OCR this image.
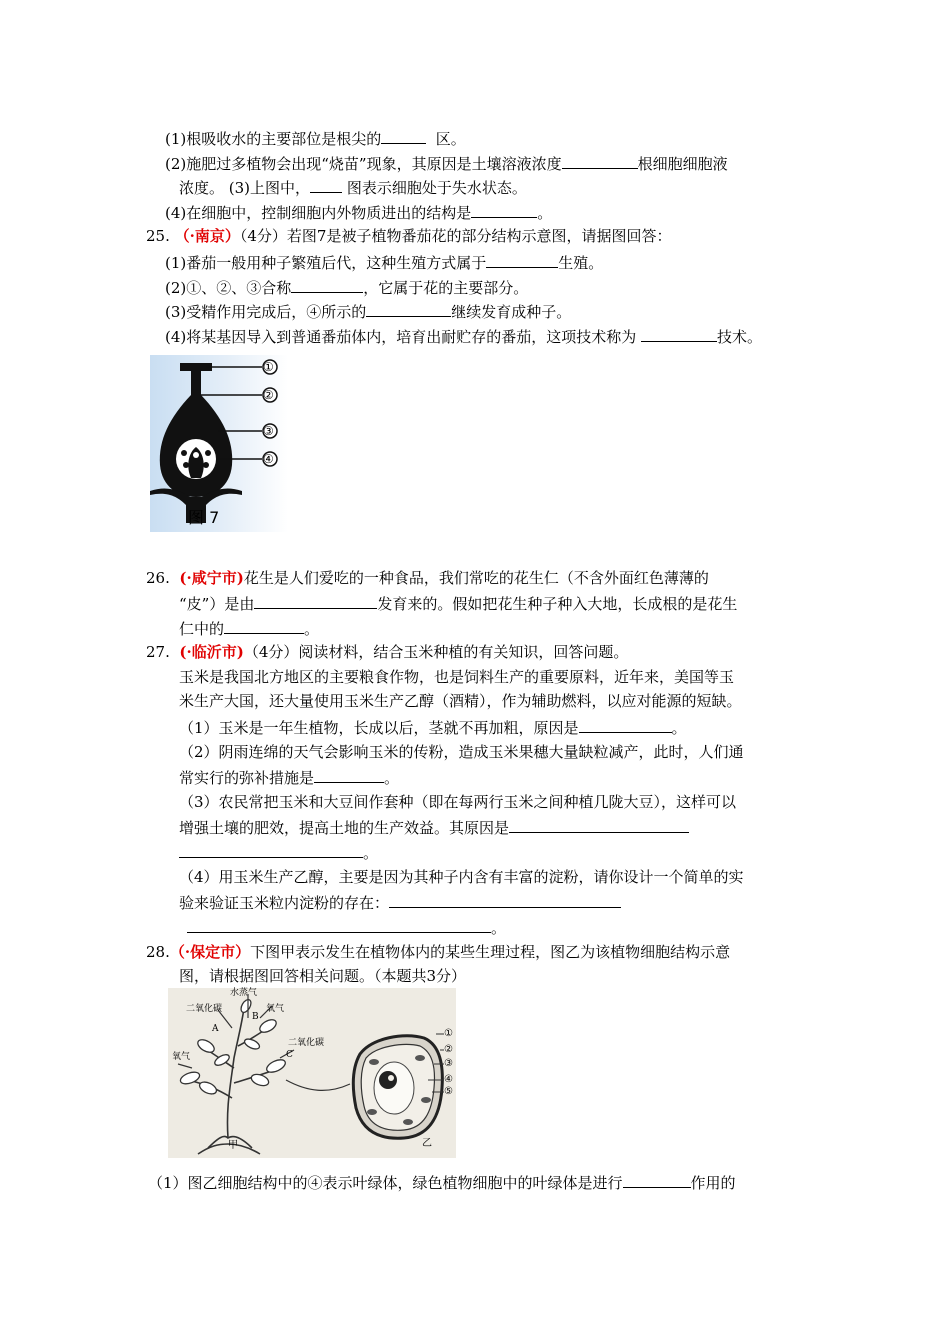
(1)根吸收水的主要部位是根尖的	区。
(2)施肥过多植物会出现“烧苗”现象，其原因是土壤溶液浓度	根细胞细胞液
浓度。 (3)上图中， 图表示细胞处于失水状态。
(4)在细胞中，控制细胞内外物质进出的结构是	。
25. （·南京）（4分）若图7是被子植物番茄花的部分结构示意图，请据图回答：
(1)番茄一般用种子繁殖后代，这种生殖方式属于	生殖。
(2)①、②、③合称	，它属于花的主要部分。
(3)受精作用完成后，④所示的	继续发育成种子。
(4)将某基因导入到普通番茄体内，培育出耐贮存的番茄，这项技术称为	技术。
①
②
③
④
图 7
26. (·咸宁市)花生是人们爱吃的一种食品，我们常吃的花生仁（不含外面红色薄薄的
“皮”）是由	发育来的。假如把花生种子种入大地，长成根的是花生
仁中的	。
27. (·临沂市)（4分）阅读材料，结合玉米种植的有关知识，回答问题。
玉米是我国北方地区的主要粮食作物，也是饲料生产的重要原料，近年来，美国等玉
米生产大国，还大量使用玉米生产乙醇（酒精），作为辅助燃料，以应对能源的短缺。
（1）玉米是一年生植物，长成以后，茎就不再加粗，原因是	。
（2）阴雨连绵的天气会影响玉米的传粉，造成玉米果穗大量缺粒减产，此时，人们通
常实行的弥补措施是	。
（3）农民常把玉米和大豆间作套种（即在每两行玉米之间种植几陇大豆），这样可以
增强土壤的肥效，提高土地的生产效益。其原因是
。
（4）用玉米生产乙醇，主要是因为其种子内含有丰富的淀粉，请你设计一个简单的实
验来验证玉米粒内淀粉的存在：
。
28.（·保定市）下图甲表示发生在植物体内的某些生理过程，图乙为该植物细胞结构示意
图，请根据图回答相关问题。（本题共3分）
水蒸气
二氧化碳	氧气
二氧化碳
氧气
A
B
C
①
②
③
④
⑤
甲	乙
（1）图乙细胞结构中的④表示叶绿体，绿色植物细胞中的叶绿体是进行	作用的
